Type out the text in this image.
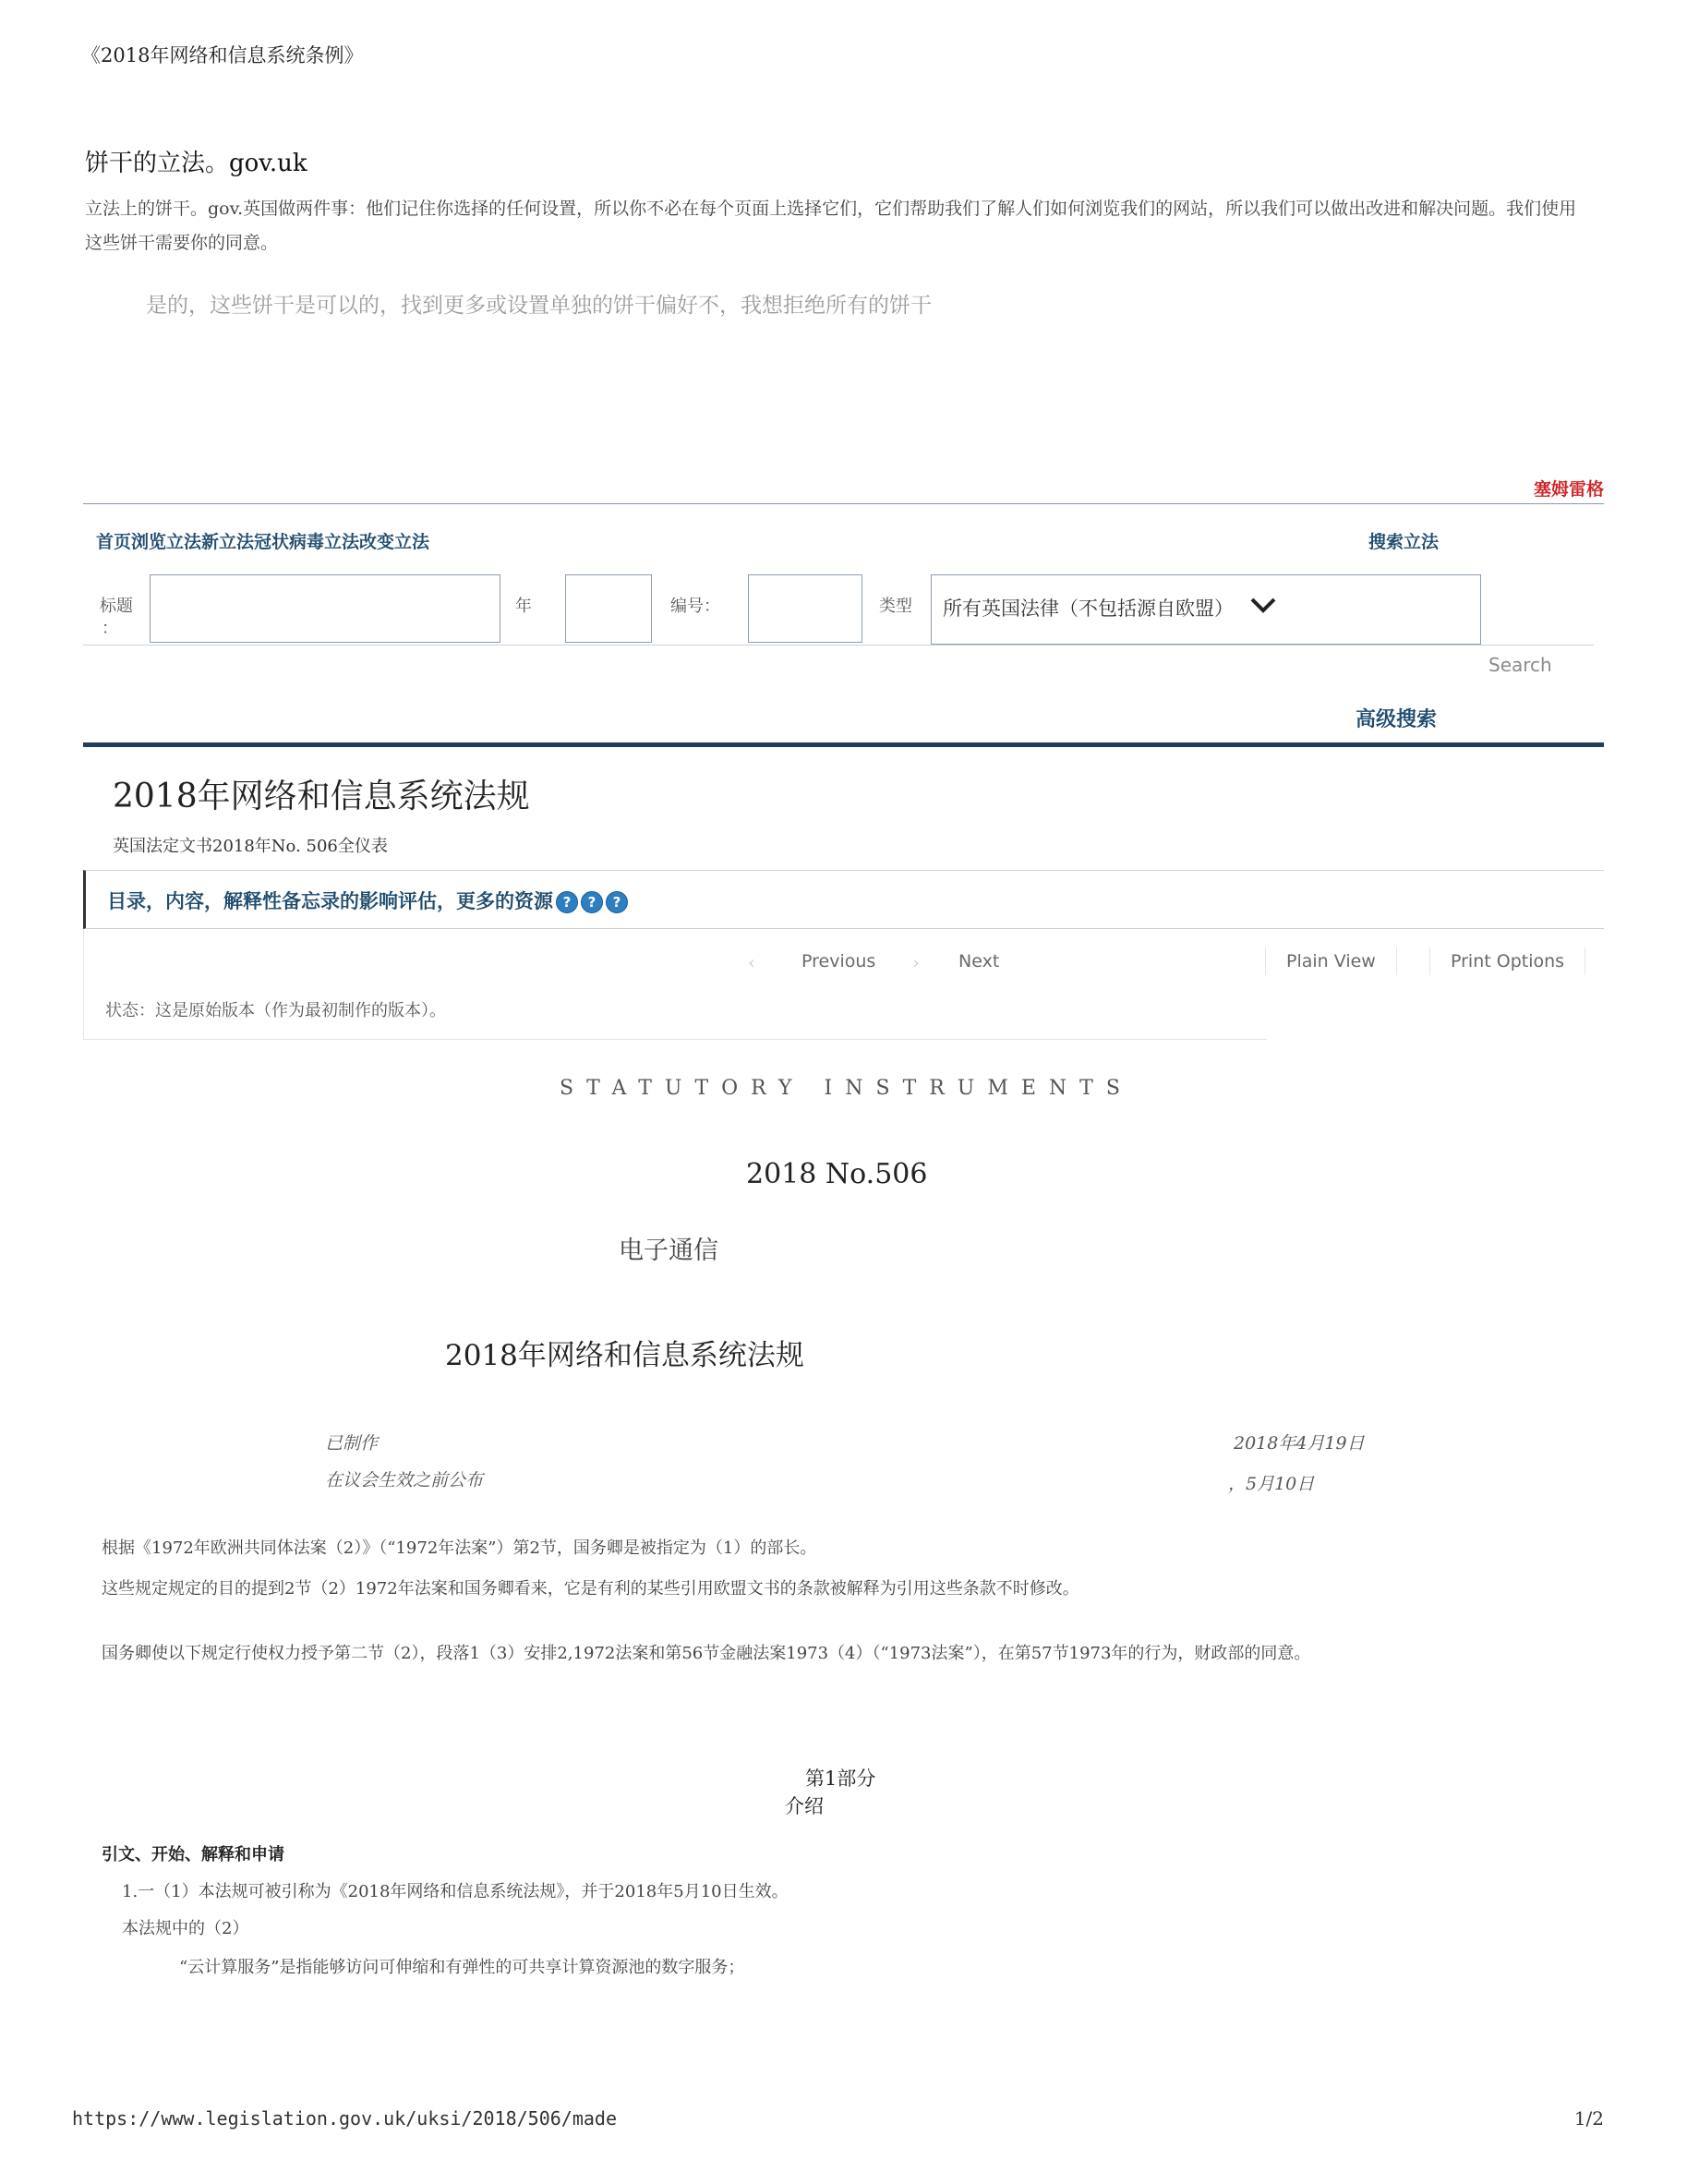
《2018年网络和信息系统条例》
饼干的立法。gov.uk
立法上的饼干。gov.英国做两件事：他们记住你选择的任何设置，所以你不必在每个页面上选择它们，它们帮助我们了解人们如何浏览我们的网站，所以我们可以做出改进和解决问题。我们使用这些饼干需要你的同意。
是的，这些饼干是可以的，找到更多或设置单独的饼干偏好不，我想拒绝所有的饼干
塞姆雷格
首页浏览立法新立法冠状病毒立法改变立法	搜索立法
标题
：
年	编号：	类型 所有英国法律（不包括源自欧盟）
Search
高级搜索
2018年网络和信息系统法规
英国法定文书2018年No. 506全仪表
目录，内容，解释性备忘录的影响评估，更多的资源 ? ? ?
‹	Previous › Next	Plain View	Print Options
状态：这是原始版本（作为最初制作的版本）。
STATUTORY INSTRUMENTS
2018 No.506
电子通信
2018年网络和信息系统法规
已制作	2018年4月19日
在议会生效之前公布	，5月10日
根据《1972年欧洲共同体法案（2）》（“1972年法案”）第2节，国务卿是被指定为（1）的部长。
这些规定规定的目的提到2节（2）1972年法案和国务卿看来，它是有利的某些引用欧盟文书的条款被解释为引用这些条款不时修改。
国务卿使以下规定行使权力授予第二节（2），段落1（3）安排2,1972法案和第56节金融法案1973（4）（“1973法案”），在第57节1973年的行为，财政部的同意。
第1部分
介绍
引文、开始、解释和申请
1.一（1）本法规可被引称为《2018年网络和信息系统法规》，并于2018年5月10日生效。
本法规中的（2）
“云计算服务”是指能够访问可伸缩和有弹性的可共享计算资源池的数字服务；
https://www.legislation.gov.uk/uksi/2018/506/made	1/2
